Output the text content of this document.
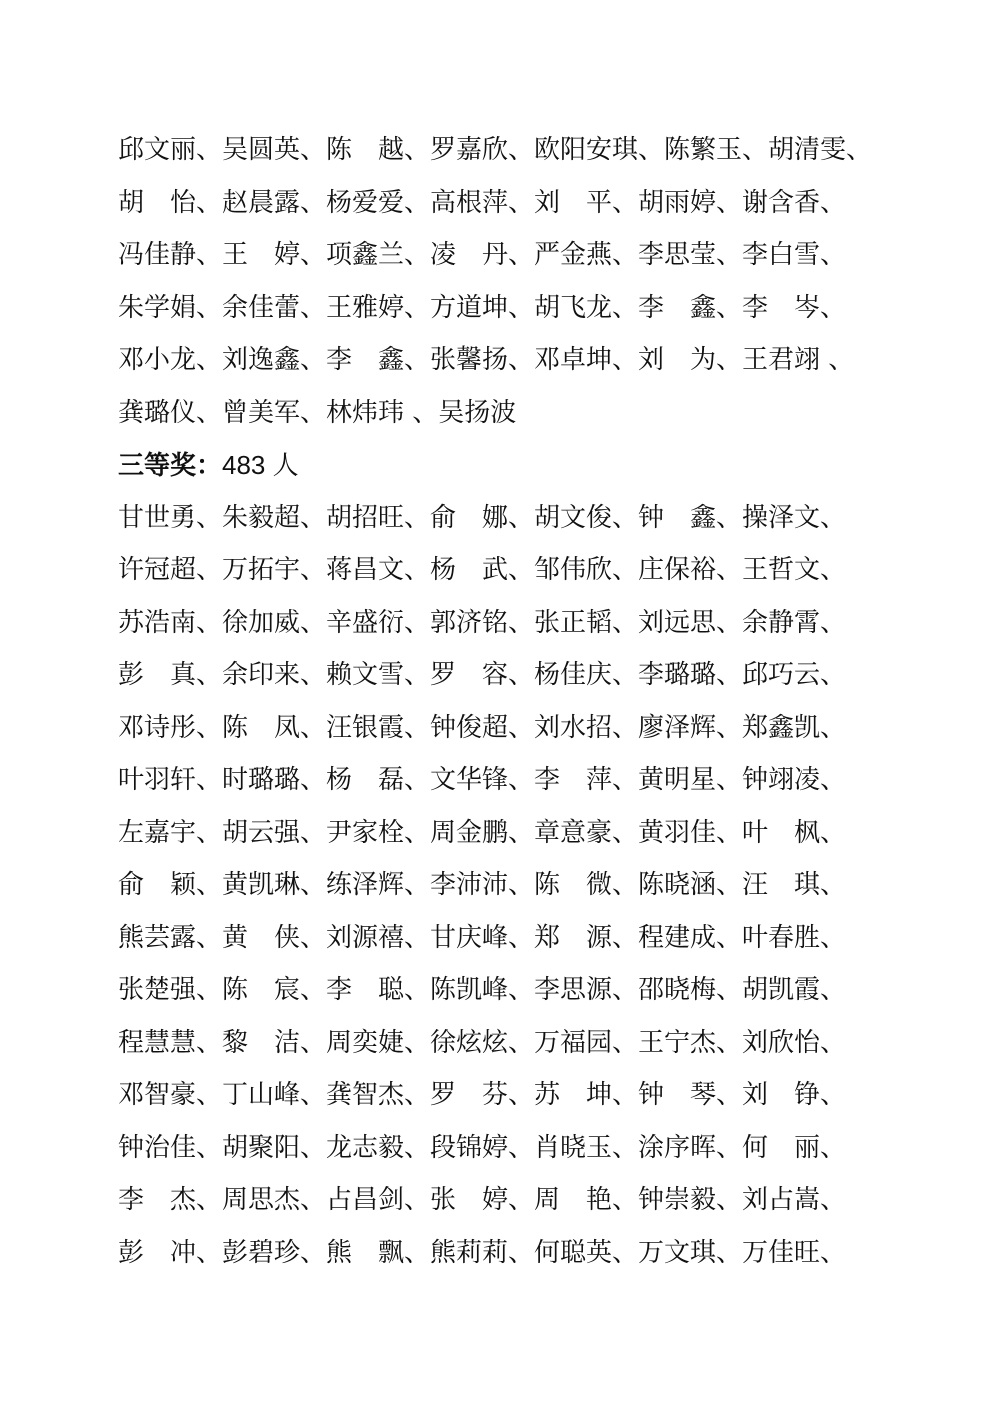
邱文丽、吴圆英、陈　越、罗嘉欣、欧阳安琪、陈繁玉、胡清雯、
胡　怡、赵晨露、杨爱爱、高根萍、刘　平、胡雨婷、谢含香、
冯佳静、王　婷、项鑫兰、凌　丹、严金燕、李思莹、李白雪、
朱学娟、余佳蕾、王雅婷、方道坤、胡飞龙、李　鑫、李　岑、
邓小龙、刘逸鑫、李　鑫、张馨扬、邓卓坤、刘　为、王君翊 、
龚璐仪、曾美军、林炜玮 、吴扬波
三等奖：483 人
甘世勇、朱毅超、胡招旺、俞　娜、胡文俊、钟　鑫、操泽文、
许冠超、万拓宇、蒋昌文、杨　武、邹伟欣、庄保裕、王哲文、
苏浩南、徐加威、辛盛衍、郭济铭、张正韬、刘远思、余静霄、
彭　真、余印来、赖文雪、罗　容、杨佳庆、李璐璐、邱巧云、
邓诗彤、陈　凤、汪银霞、钟俊超、刘水招、廖泽辉、郑鑫凯、
叶羽轩、时璐璐、杨　磊、文华锋、李　萍、黄明星、钟翊凌、
左嘉宇、胡云强、尹家栓、周金鹏、章意豪、黄羽佳、叶　枫、
俞　颖、黄凯琳、练泽辉、李沛沛、陈　微、陈晓涵、汪　琪、
熊芸露、黄　侠、刘源禧、甘庆峰、郑　源、程建成、叶春胜、
张楚强、陈　宸、李　聪、陈凯峰、李思源、邵晓梅、胡凯霞、
程慧慧、黎　洁、周奕婕、徐炫炫、万福园、王宁杰、刘欣怡、
邓智豪、丁山峰、龚智杰、罗　芬、苏　坤、钟　琴、刘　铮、
钟治佳、胡聚阳、龙志毅、段锦婷、肖晓玉、涂序晖、何　丽、
李　杰、周思杰、占昌剑、张　婷、周　艳、钟崇毅、刘占嵩、
彭　冲、彭碧珍、熊　飘、熊莉莉、何聪英、万文琪、万佳旺、
